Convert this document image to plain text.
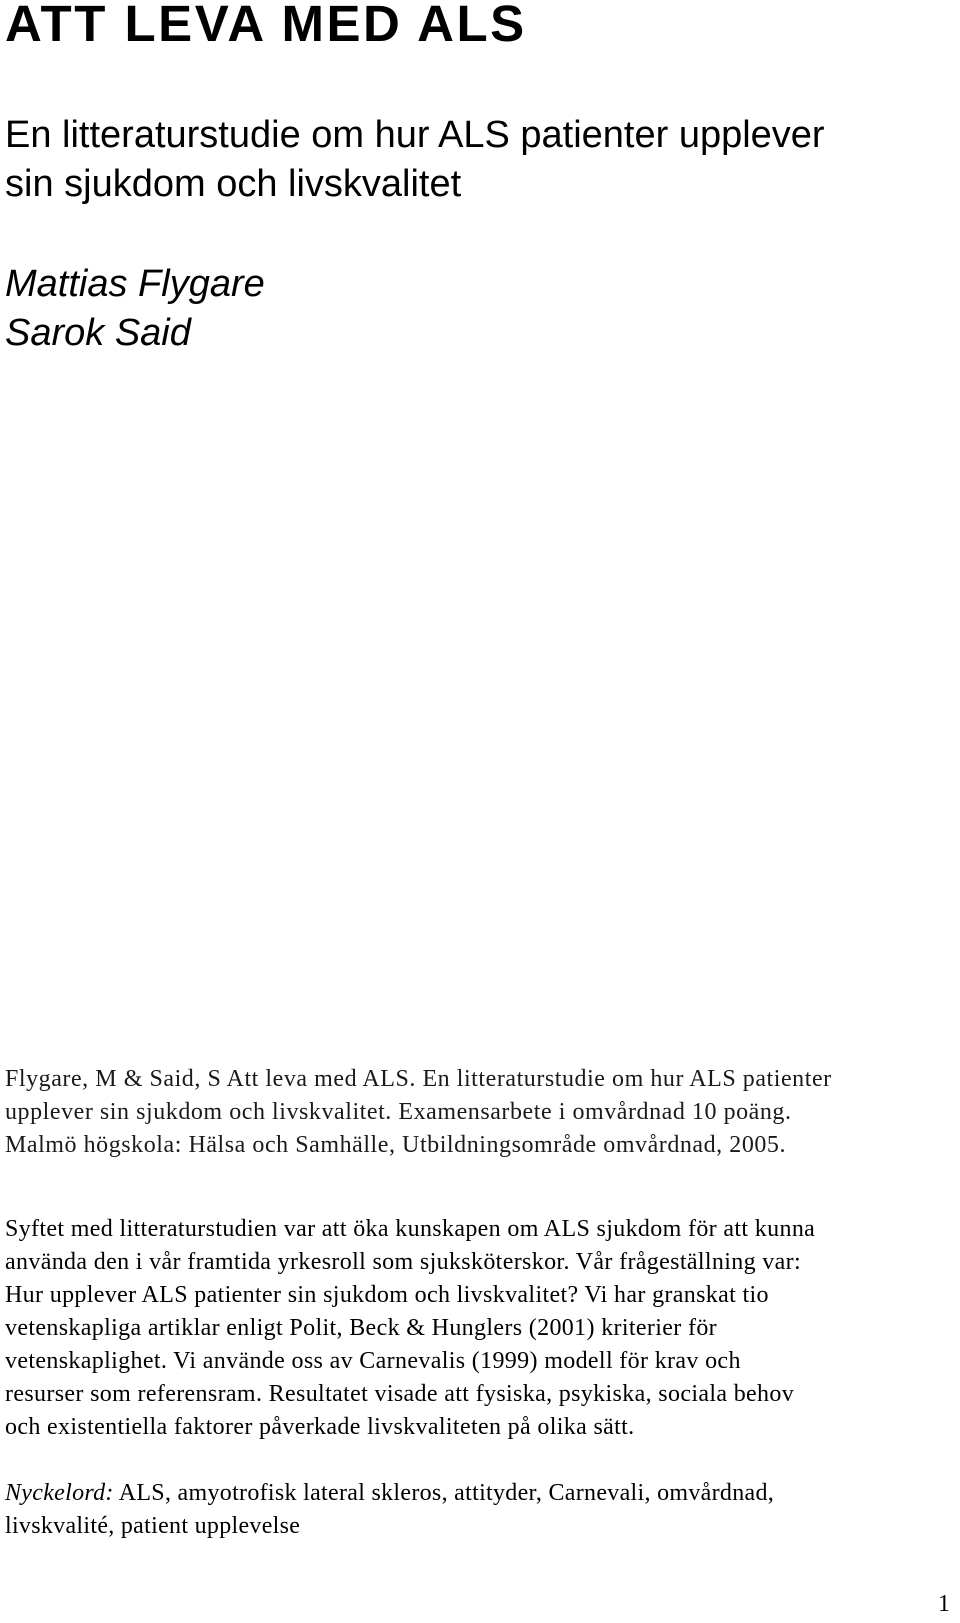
ATT LEVA MED ALS
En litteraturstudie om hur ALS patienter upplever
sin sjukdom och livskvalitet
Mattias Flygare
Sarok Said

Flygare, M & Said, S Att leva med ALS. En litteraturstudie om hur ALS patienter
upplever sin sjukdom och livskvalitet. Examensarbete i omvårdnad 10 poäng.
Malmö högskola: Hälsa och Samhälle, Utbildningsområde omvårdnad, 2005.

Syftet med litteraturstudien var att öka kunskapen om ALS sjukdom för att kunna
använda den i vår framtida yrkesroll som sjuksköterskor. Vår frågeställning var:
Hur upplever ALS patienter sin sjukdom och livskvalitet? Vi har granskat tio
vetenskapliga artiklar enligt Polit, Beck & Hunglers (2001) kriterier för
vetenskaplighet. Vi använde oss av Carnevalis (1999) modell för krav och
resurser som referensram. Resultatet visade att fysiska, psykiska, sociala behov
och existentiella faktorer påverkade livskvaliteten på olika sätt.

Nyckelord: ALS, amyotrofisk lateral skleros, attityder, Carnevali, omvårdnad,
livskvalité, patient upplevelse

1
